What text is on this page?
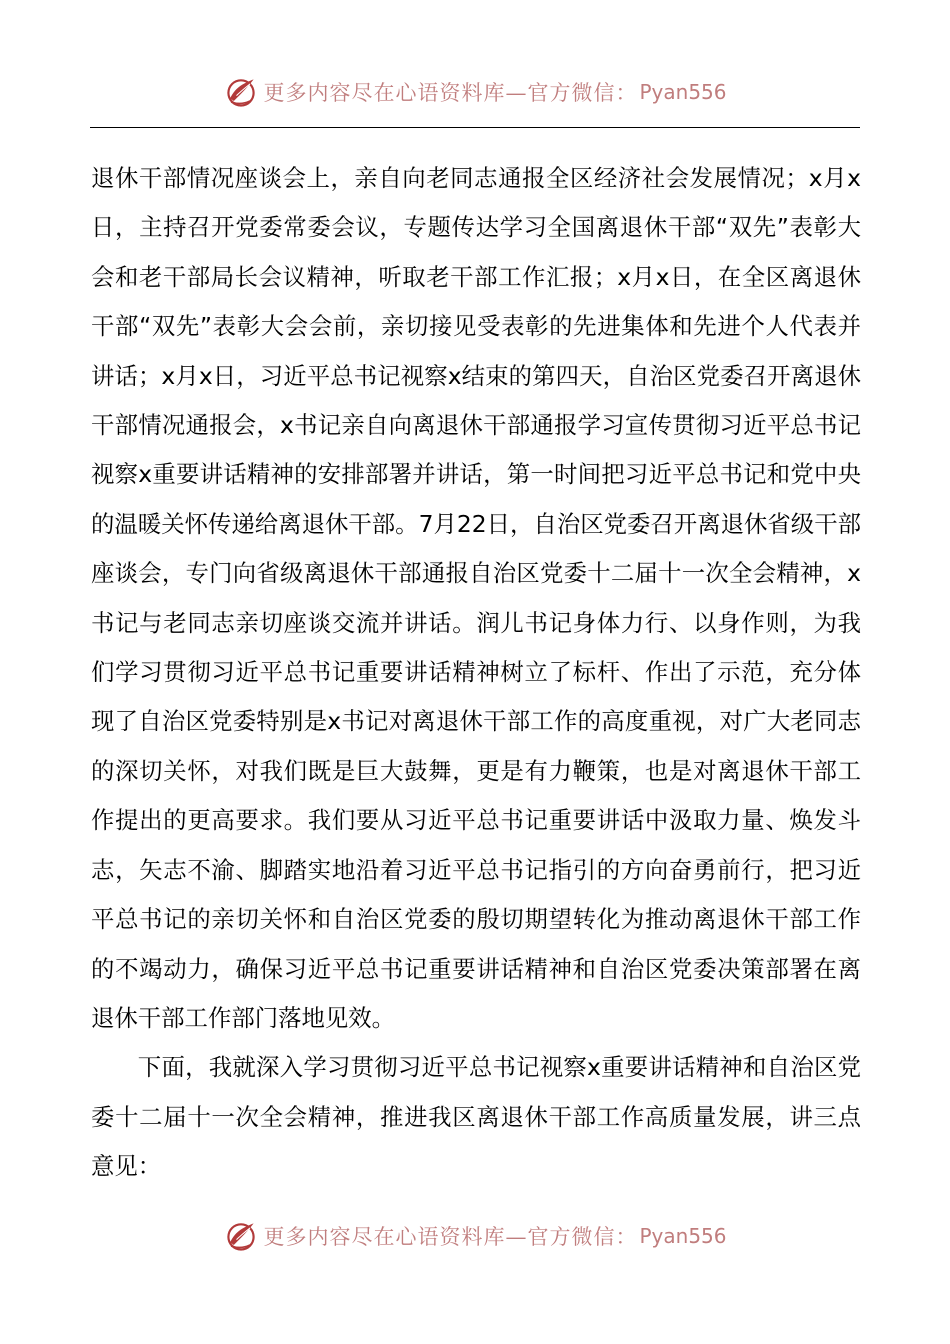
更多内容尽在心语资料库—官方微信： Pyan556

退休干部情况座谈会上，亲自向老同志通报全区经济社会发展情况；x月x日，主持召开党委常委会议，专题传达学习全国离退休干部“双先”表彰大会和老干部局长会议精神，听取老干部工作汇报；x月x日，在全区离退休干部“双先”表彰大会会前，亲切接见受表彰的先进集体和先进个人代表并讲话；x月x日，习近平总书记视察x结束的第四天，自治区党委召开离退休干部情况通报会，x书记亲自向离退休干部通报学习宣传贯彻习近平总书记视察x重要讲话精神的安排部署并讲话，第一时间把习近平总书记和党中央的温暖关怀传递给离退休干部。7月22日，自治区党委召开离退休省级干部座谈会，专门向省级离退休干部通报自治区党委十二届十一次全会精神，x书记与老同志亲切座谈交流并讲话。润儿书记身体力行、以身作则，为我们学习贯彻习近平总书记重要讲话精神树立了标杆、作出了示范，充分体现了自治区党委特别是x书记对离退休干部工作的高度重视，对广大老同志的深切关怀，对我们既是巨大鼓舞，更是有力鞭策，也是对离退休干部工作提出的更高要求。我们要从习近平总书记重要讲话中汲取力量、焕发斗志，矢志不渝、脚踏实地沿着习近平总书记指引的方向奋勇前行，把习近平总书记的亲切关怀和自治区党委的殷切期望转化为推动离退休干部工作的不竭动力，确保习近平总书记重要讲话精神和自治区党委决策部署在离退休干部工作部门落地见效。

下面，我就深入学习贯彻习近平总书记视察x重要讲话精神和自治区党委十二届十一次全会精神，推进我区离退休干部工作高质量发展，讲三点意见：

更多内容尽在心语资料库—官方微信： Pyan556
